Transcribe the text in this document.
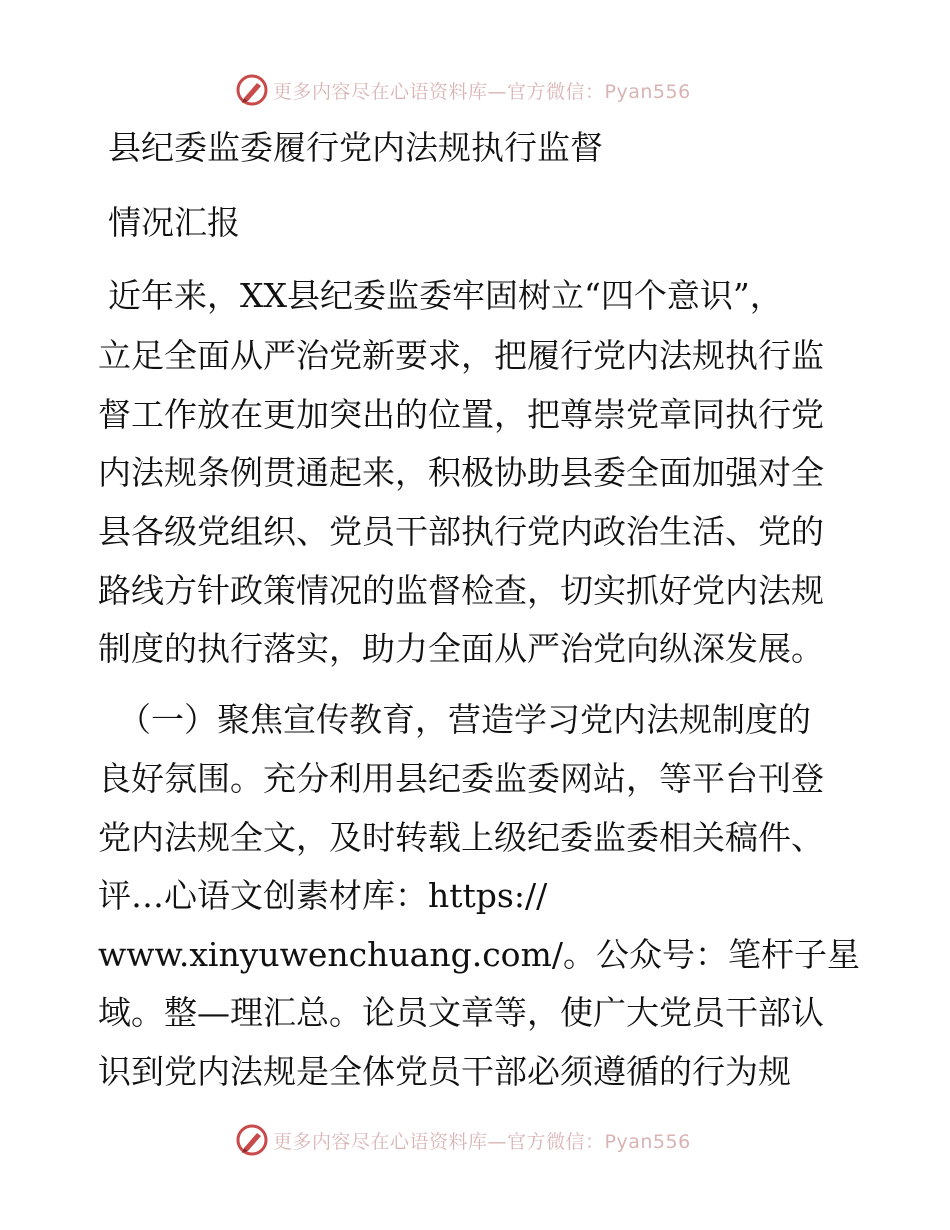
更多内容尽在心语资料库—官方微信：Pyan556
县纪委监委履行党内法规执行监督
情况汇报
近年来，XX县纪委监委牢固树立“四个意识”，
立足全面从严治党新要求，把履行党内法规执行监
督工作放在更加突出的位置，把尊崇党章同执行党
内法规条例贯通起来，积极协助县委全面加强对全
县各级党组织、党员干部执行党内政治生活、党的
路线方针政策情况的监督检查，切实抓好党内法规
制度的执行落实，助力全面从严治党向纵深发展。
（一）聚焦宣传教育，营造学习党内法规制度的
良好氛围。充分利用县纪委监委网站，等平台刊登
党内法规全文，及时转载上级纪委监委相关稿件、
评…心语文创素材库：https://
www.xinyuwenchuang.com/。公众号：笔杆子星
域。整—理汇总。论员文章等，使广大党员干部认
识到党内法规是全体党员干部必须遵循的行为规
更多内容尽在心语资料库—官方微信：Pyan556
